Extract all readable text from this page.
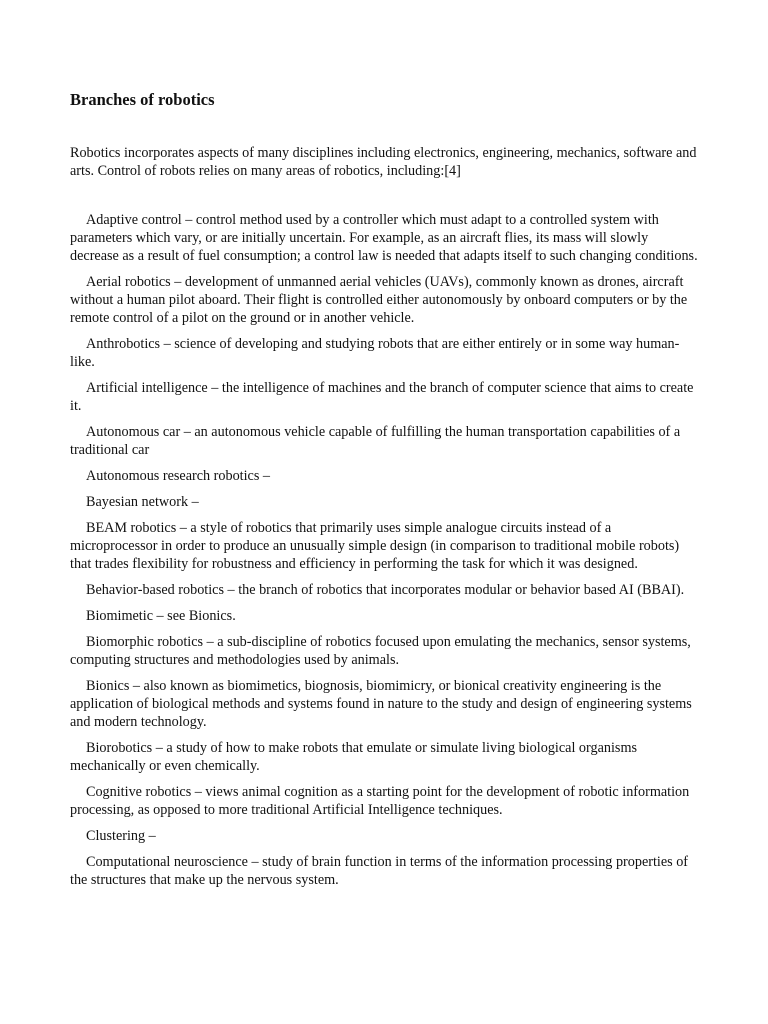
Branches of robotics

Robotics incorporates aspects of many disciplines including electronics, engineering, mechanics, software and arts. Control of robots relies on many areas of robotics, including:[4]

Adaptive control – control method used by a controller which must adapt to a controlled system with parameters which vary, or are initially uncertain. For example, as an aircraft flies, its mass will slowly decrease as a result of fuel consumption; a control law is needed that adapts itself to such changing conditions.

Aerial robotics – development of unmanned aerial vehicles (UAVs), commonly known as drones, aircraft without a human pilot aboard. Their flight is controlled either autonomously by onboard computers or by the remote control of a pilot on the ground or in another vehicle.

Anthrobotics – science of developing and studying robots that are either entirely or in some way human-like.

Artificial intelligence – the intelligence of machines and the branch of computer science that aims to create it.

Autonomous car – an autonomous vehicle capable of fulfilling the human transportation capabilities of a traditional car

Autonomous research robotics –

Bayesian network –

BEAM robotics – a style of robotics that primarily uses simple analogue circuits instead of a microprocessor in order to produce an unusually simple design (in comparison to traditional mobile robots) that trades flexibility for robustness and efficiency in performing the task for which it was designed.

Behavior-based robotics – the branch of robotics that incorporates modular or behavior based AI (BBAI).

Biomimetic – see Bionics.

Biomorphic robotics – a sub-discipline of robotics focused upon emulating the mechanics, sensor systems, computing structures and methodologies used by animals.

Bionics – also known as biomimetics, biognosis, biomimicry, or bionical creativity engineering is the application of biological methods and systems found in nature to the study and design of engineering systems and modern technology.

Biorobotics – a study of how to make robots that emulate or simulate living biological organisms mechanically or even chemically.

Cognitive robotics – views animal cognition as a starting point for the development of robotic information processing, as opposed to more traditional Artificial Intelligence techniques.

Clustering –

Computational neuroscience – study of brain function in terms of the information processing properties of the structures that make up the nervous system.
